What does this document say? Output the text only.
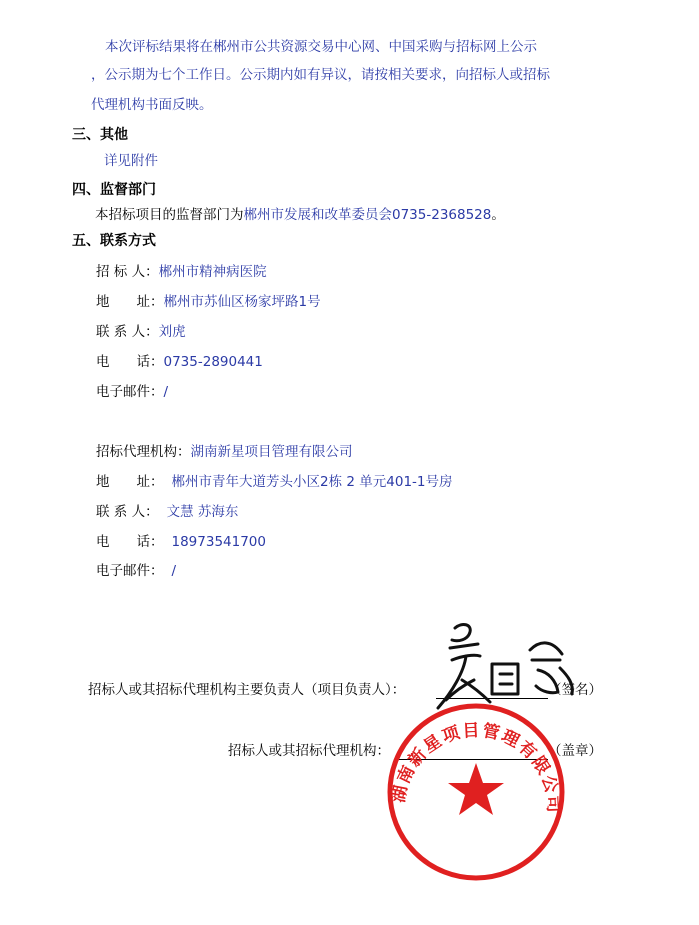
本次评标结果将在郴州市公共资源交易中心网、中国采购与招标网上公示
，公示期为七个工作日。公示期内如有异议，请按相关要求，向招标人或招标
代理机构书面反映。
三、其他
详见附件
四、监督部门
本招标项目的监督部门为郴州市发展和改革委员会0735-2368528。
五、联系方式
招 标 人：郴州市精神病医院
地　　址：郴州市苏仙区杨家坪路1号
联 系 人：刘虎
电　　话：0735-2890441
电子邮件：/
招标代理机构：湖南新星项目管理有限公司
地　　址： 郴州市青年大道芳头小区2栋 2 单元401-1号房
联 系 人： 文慧 苏海东
电　　话： 18973541700
电子邮件： /
招标人或其招标代理机构主要负责人（项目负责人）：	（签名）
招标人或其招标代理机构：	（盖章）
湖南新星项目管理有限公司
